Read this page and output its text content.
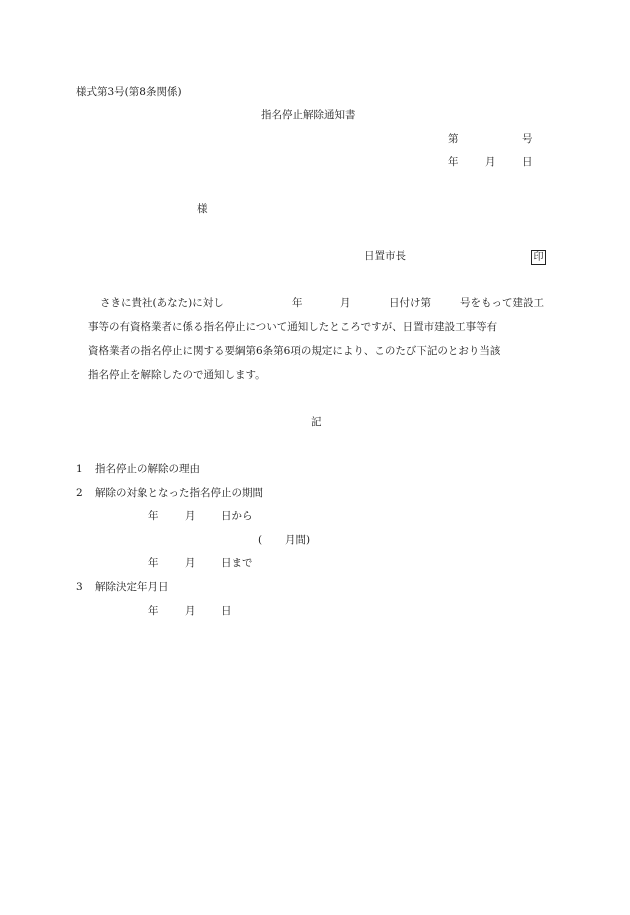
様式第3号(第8条関係)
指名停止解除通知書
第	号
年	月	日
様
日置市長	印
さきに貴社(あなた)に対し	年	月	日付け第	号をもって建設工
事等の有資格業者に係る指名停止について通知したところですが、日置市建設工事等有
資格業者の指名停止に関する要綱第6条第6項の規定により、このたび下記のとおり当該
指名停止を解除したので通知します。
記
1 指名停止の解除の理由
2 解除の対象となった指名停止の期間
年	月 日から
( 月間)
年	月 日まで
3 解除決定年月日
年	月 日
